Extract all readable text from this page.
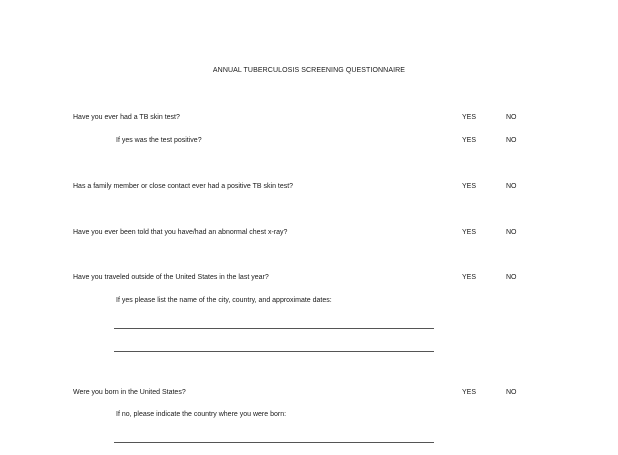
ANNUAL TUBERCULOSIS SCREENING QUESTIONNAIRE
Have you ever had a TB skin test?	YES	NO
If yes was the test positive?	YES	NO
Has a family member or close contact ever had a positive TB skin test?	YES	NO
Have you ever been told that you have/had an abnormal chest x-ray?	YES	NO
Have you traveled outside of the United States in the last year?	YES	NO
If yes please list the name of the city, country, and approximate dates:
Were you born in the United States?	YES	NO
If no, please indicate the country where you were born:
